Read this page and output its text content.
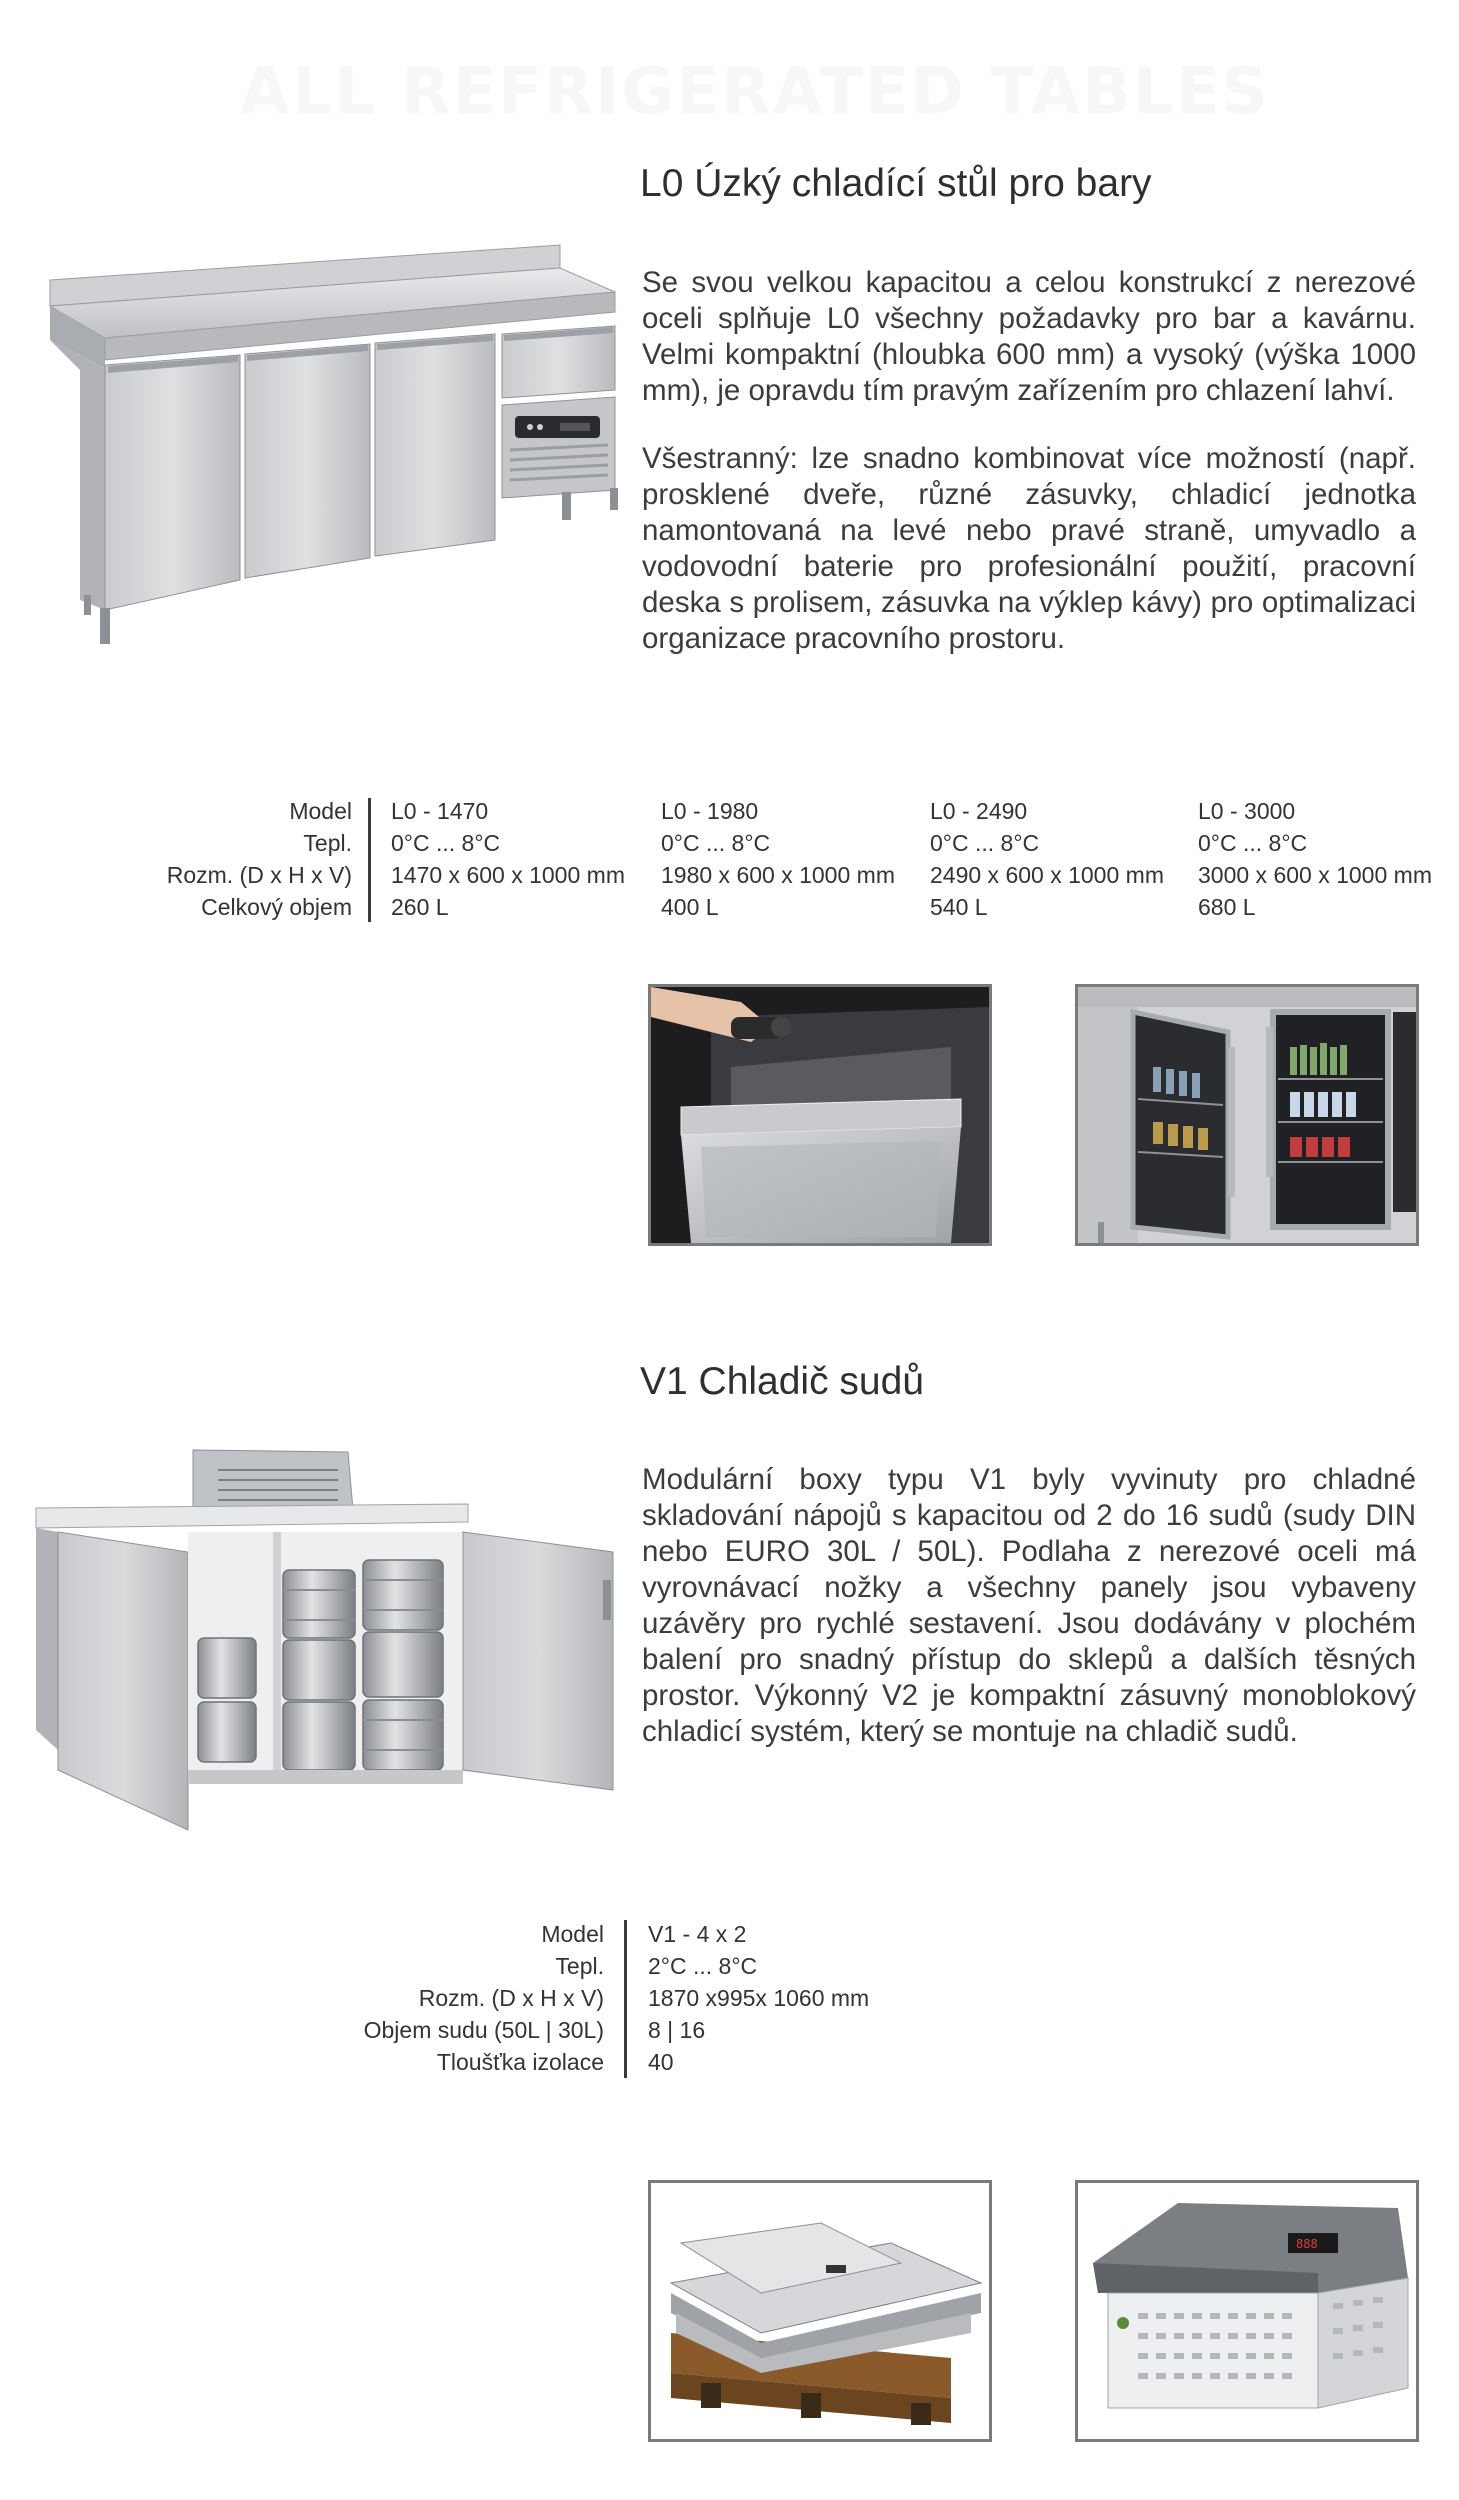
ALL REFRIGERATED TABLES
L0 Úzký chladící stůl pro bary

Se svou velkou kapacitou a celou konstrukcí z nerezové oceli splňuje L0 všechny požadavky pro bar a kavárnu. Velmi kompaktní (hloubka 600 mm) a vysoký (výška 1000 mm), je opravdu tím pravým zařízením pro chlazení lahví.

Všestranný: lze snadno kombinovat více možností (např. prosklené dveře, různé zásuvky, chladicí jednotka namontovaná na levé nebo pravé straně, umyvadlo a vodovodní baterie pro profesionální použití, pracovní deska s prolisem, zásuvka na výklep kávy) pro optimalizaci organizace pracovního prostoru.

Model
Tepl.
Rozm. (D x H x V)
Celkový objem
L0 - 1470
0°C ... 8°C
1470 x 600 x 1000 mm
260 L
L0 - 1980
0°C ... 8°C
1980 x 600 x 1000 mm
400 L
L0 - 2490
0°C ... 8°C
2490 x 600 x 1000 mm
540 L
L0 - 3000
0°C ... 8°C
3000 x 600 x 1000 mm
680 L
V1 Chladič sudů

Modulární boxy typu V1 byly vyvinuty pro chladné skladování nápojů s kapacitou od 2 do 16 sudů (sudy DIN nebo EURO 30L / 50L). Podlaha z nerezové oceli má vyrovnávací nožky a všechny panely jsou vybaveny uzávěry pro rychlé sestavení. Jsou dodávány v plochém balení pro snadný přístup do sklepů a dalších těsných prostor. Výkonný V2 je kompaktní zásuvný monoblokový chladicí systém, který se montuje na chladič sudů.

Model
Tepl.
Rozm. (D x H x V)
Objem sudu (50L | 30L)
Tloušťka izolace
V1 - 4 x 2
2°C ... 8°C
1870 x995x 1060 mm
8 | 16
40
888
